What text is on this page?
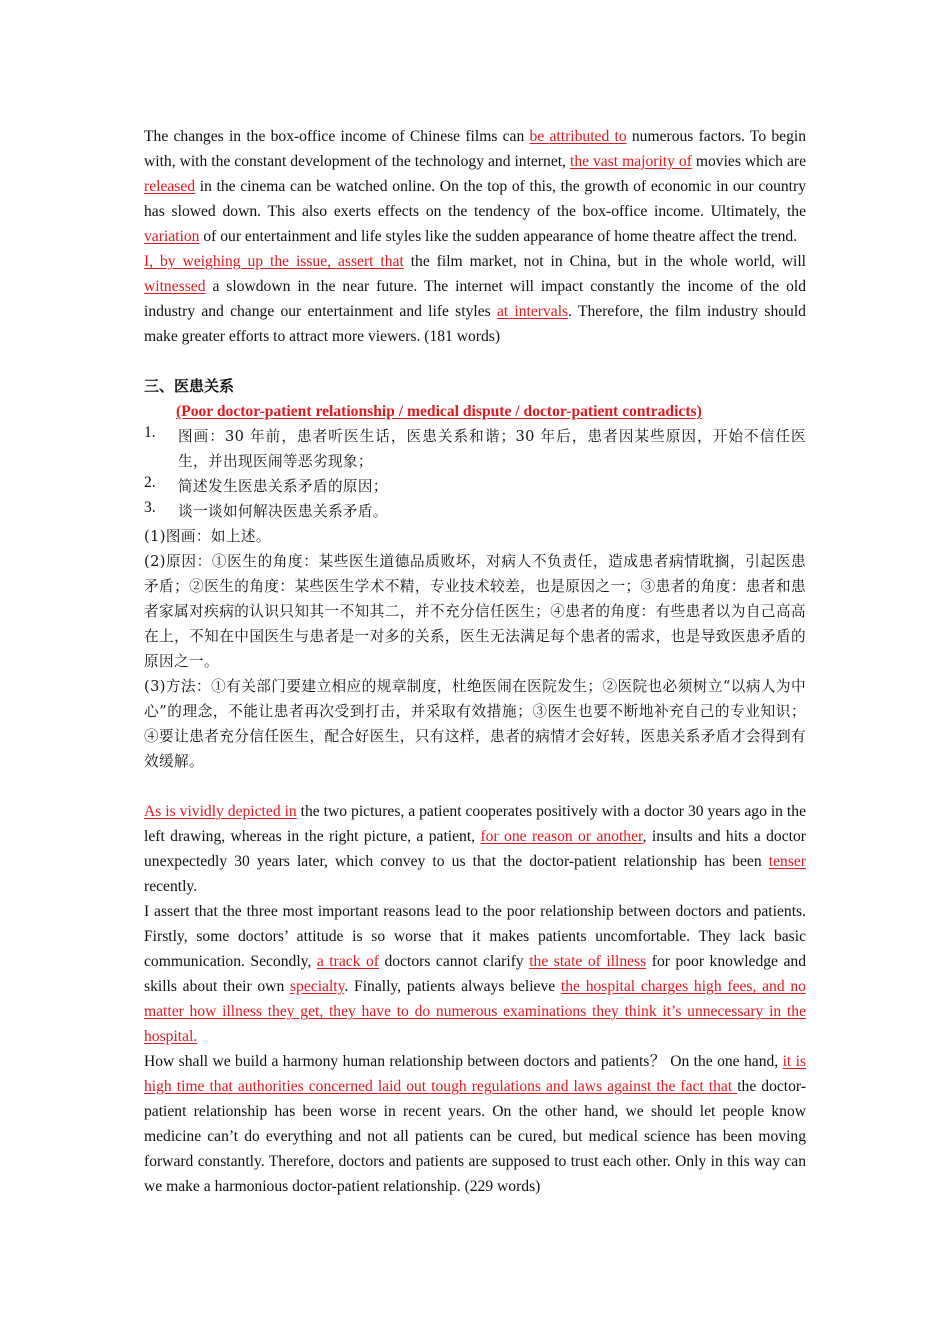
The changes in the box-office income of Chinese films can be attributed to numerous factors. To begin with, with the constant development of the technology and internet, the vast majority of movies which are released in the cinema can be watched online. On the top of this, the growth of economic in our country has slowed down. This also exerts effects on the tendency of the box-office income. Ultimately, the variation of our entertainment and life styles like the sudden appearance of home theatre affect the trend.

I, by weighing up the issue, assert that the film market, not in China, but in the whole world, will witnessed a slowdown in the near future. The internet will impact constantly the income of the old industry and change our entertainment and life styles at intervals. Therefore, the film industry should make greater efforts to attract more viewers. (181 words)

三、医患关系

(Poor doctor-patient relationship / medical dispute / doctor-patient contradicts)

1.	图画：30 年前，患者听医生话，医患关系和谐；30 年后，患者因某些原因，开始不信任医生，并出现医闹等恶劣现象；
2.	简述发生医患关系矛盾的原因；
3.	谈一谈如何解决医患关系矛盾。

(1)图画：如上述。

(2)原因：①医生的角度：某些医生道德品质败坏，对病人不负责任，造成患者病情耽搁，引起医患矛盾；②医生的角度：某些医生学术不精，专业技术较差，也是原因之一；③患者的角度：患者和患者家属对疾病的认识只知其一不知其二，并不充分信任医生；④患者的角度：有些患者以为自己高高在上，不知在中国医生与患者是一对多的关系，医生无法满足每个患者的需求，也是导致医患矛盾的原因之一。

(3)方法：①有关部门要建立相应的规章制度，杜绝医闹在医院发生；②医院也必须树立“以病人为中心”的理念，不能让患者再次受到打击，并采取有效措施；③医生也要不断地补充自己的专业知识；④要让患者充分信任医生，配合好医生，只有这样，患者的病情才会好转，医患关系矛盾才会得到有效缓解。

As is vividly depicted in the two pictures, a patient cooperates positively with a doctor 30 years ago in the left drawing, whereas in the right picture, a patient, for one reason or another, insults and hits a doctor unexpectedly 30 years later, which convey to us that the doctor-patient relationship has been tenser recently.

I assert that the three most important reasons lead to the poor relationship between doctors and patients. Firstly, some doctors’ attitude is so worse that it makes patients uncomfortable. They lack basic communication. Secondly, a track of doctors cannot clarify the state of illness for poor knowledge and skills about their own specialty. Finally, patients always believe the hospital charges high fees, and no matter how illness they get, they have to do numerous examinations they think it’s unnecessary in the hospital.

How shall we build a harmony human relationship between doctors and patients？ On the one hand, it is high time that authorities concerned laid out tough regulations and laws against the fact that the doctor-patient relationship has been worse in recent years. On the other hand, we should let people know medicine can’t do everything and not all patients can be cured, but medical science has been moving forward constantly. Therefore, doctors and patients are supposed to trust each other. Only in this way can we make a harmonious doctor-patient relationship. (229 words)
